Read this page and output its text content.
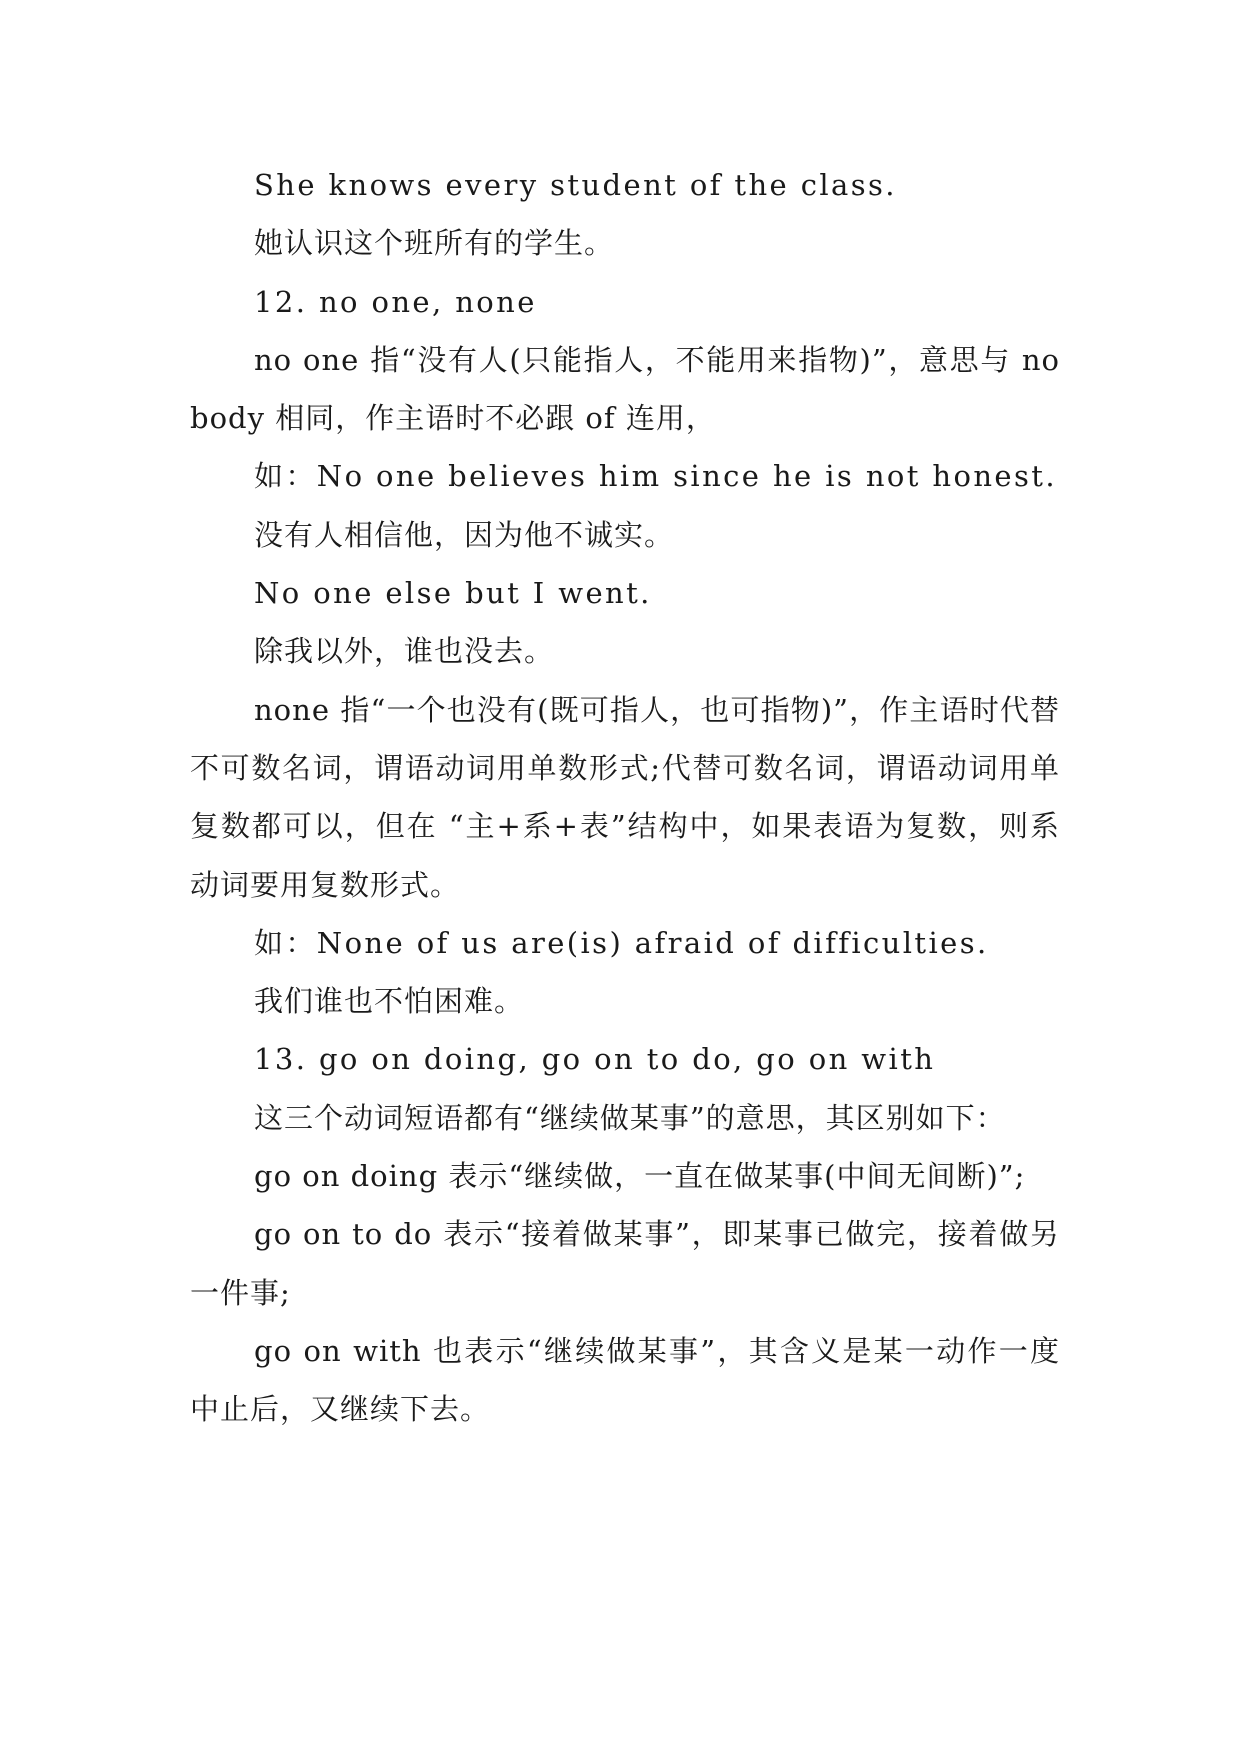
She knows every student of the class.

她认识这个班所有的学生。

12. no one, none

no one 指“没有人(只能指人，不能用来指物)”，意思与 nobody 相同，作主语时不必跟 of 连用，

如：No one believes him since he is not honest.

没有人相信他，因为他不诚实。

No one else but I went.

除我以外，谁也没去。

none 指“一个也没有(既可指人，也可指物)”，作主语时代替不可数名词，谓语动词用单数形式;代替可数名词，谓语动词用单复数都可以，但在 “主+系+表”结构中，如果表语为复数，则系动词要用复数形式。

如：None of us are(is) afraid of difficulties.

我们谁也不怕困难。

13. go on doing, go on to do, go on with

这三个动词短语都有“继续做某事”的意思，其区别如下：

go on doing 表示“继续做，一直在做某事(中间无间断)”;

go on to do 表示“接着做某事”，即某事已做完，接着做另一件事;

go on with 也表示“继续做某事”，其含义是某一动作一度中止后，又继续下去。
